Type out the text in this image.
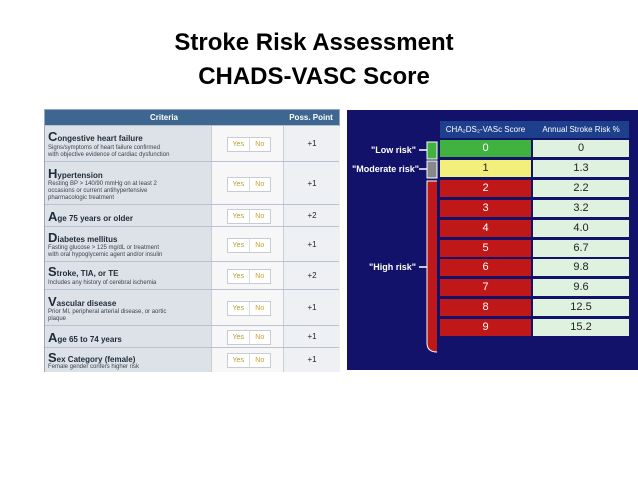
Stroke Risk Assessment
CHADS-VASC Score
Criteria	Poss. Point
Congestive heart failure
Signs/symptoms of heart failure confirmed
with objective evidence of cardiac dysfunction
Yes	No	+1
Hypertension
Resting BP > 140/90 mmHg on at least 2
occasions or current antihypertensive
pharmacologic treatment
Yes	No	+1
Age 75 years or older	Yes	No	+2
Diabetes mellitus
Fasting glucose > 125 mg/dL or treatment
with oral hypoglycemic agent and/or insulin
Yes	No	+1
Stroke, TIA, or TE
Includes any history of cerebral ischemia
Yes	No	+2
Vascular disease
Prior MI, peripheral arterial disease, or aortic
plaque
Yes	No	+1
Age 65 to 74 years	Yes	No	+1
Sex Category (female)
Female gender confers higher risk
Yes	No	+1
"Low risk"
"Moderate risk"
"High risk"
CHA₂DS₂-VASc Score	Annual Stroke Risk %
0	0
1	1.3
2	2.2
3	3.2
4	4.0
5	6.7
6	9.8
7	9.6
8	12.5
9	15.2
